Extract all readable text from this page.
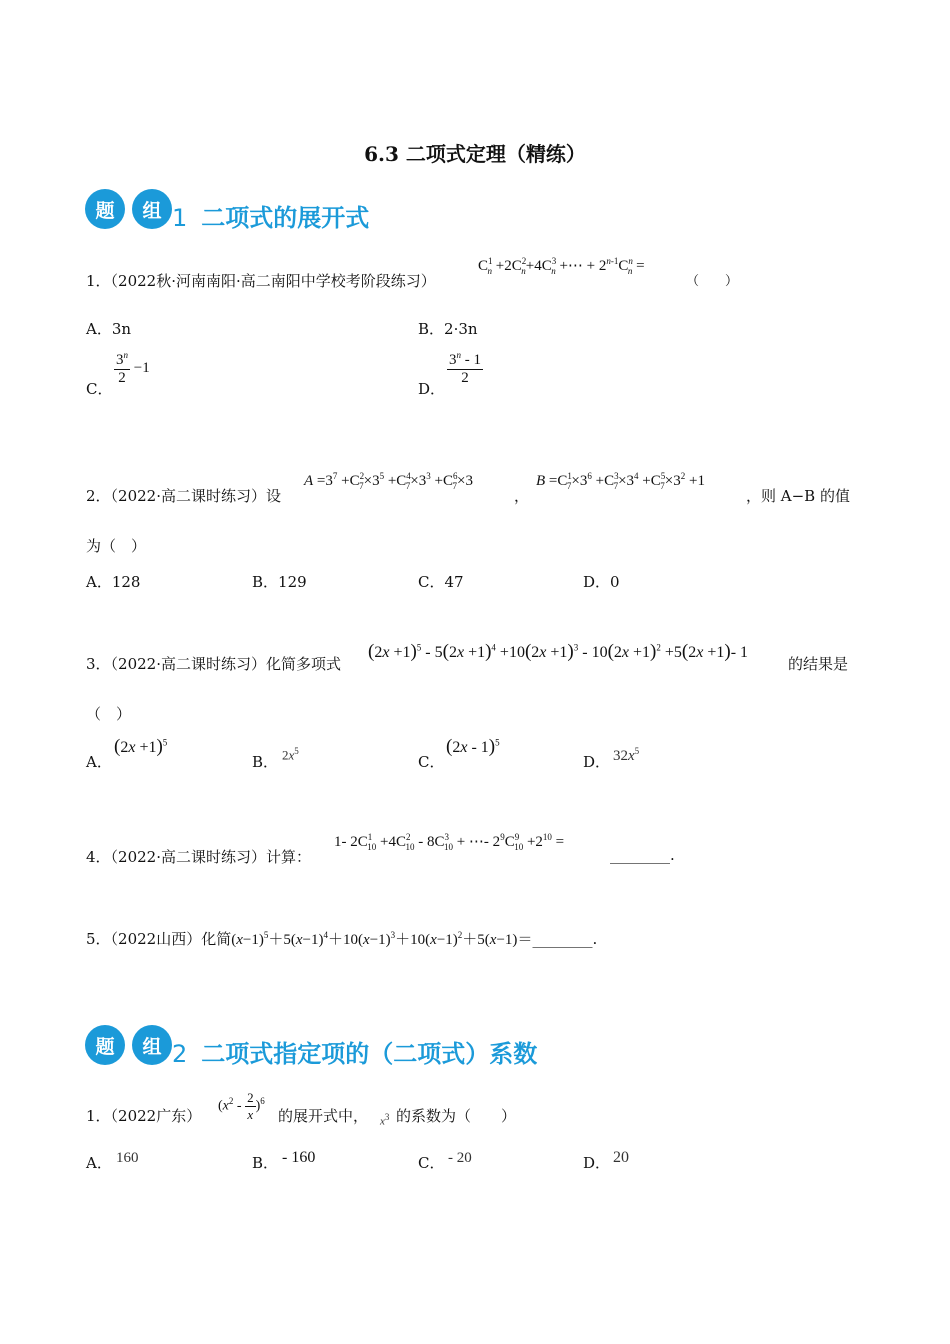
6.3 二项式定理（精练）
题	组 1 二项式的展开式
1．（2022秋·河南南阳·高二南阳中学校考阶段练习）
$C^1_n +2C^2_n+4C^3_n$ +⋯ + $2^{n-1}C^n_n$ =
（　　）
A．3n	B．2·3n
C．
$\frac{3^n}{2} -1$
D．
$\frac{3^n - 1}{2}$
2．（2022·高二课时练习）设
$A =3^7 +C^2_7\times 3^5 +C^4_7\times 3^3 +C^6_7\times 3$
，
$B =C^1_7\times 3^6 +C^3_7\times 3^4 +C^5_7\times 3^2 +1$
，则 A−B 的值
为（　）
A．128	B．129	C．47	D．0
3．（2022·高二课时练习）化简多项式
$(2x +1)^5 - 5(2x +1)^4 +10(2x +1)^3 - 10(2x +1)^2 +5(2x +1)-$ 1
的结果是
（　）
A．
$(2x +1)^5$
B． $2x^5$
C．
(2x - 1)$^5$
D． $32x^5$
4．（2022·高二课时练习）计算：
1- $2C^1_{10} +4C^2_{10} - 8C^3_{10}$ + ⋯- $2^9C^9_{10} +2^{10}$ =
________.
5．（2022山西）化简$(x-1)^5+5(x-1)^4+10(x-1)^3+10(x-1)^2+5(x-1)=\_\_\_\_\_\_\_\_$.
题	组 2 二项式指定项的（二项式）系数
1．（2022广东）
$(x^2 - \frac{2}{x} )^6$
的展开式中， $x^3$ 的系数为（　　）
A． 160	B． - 160	C． - 20	D． 20
